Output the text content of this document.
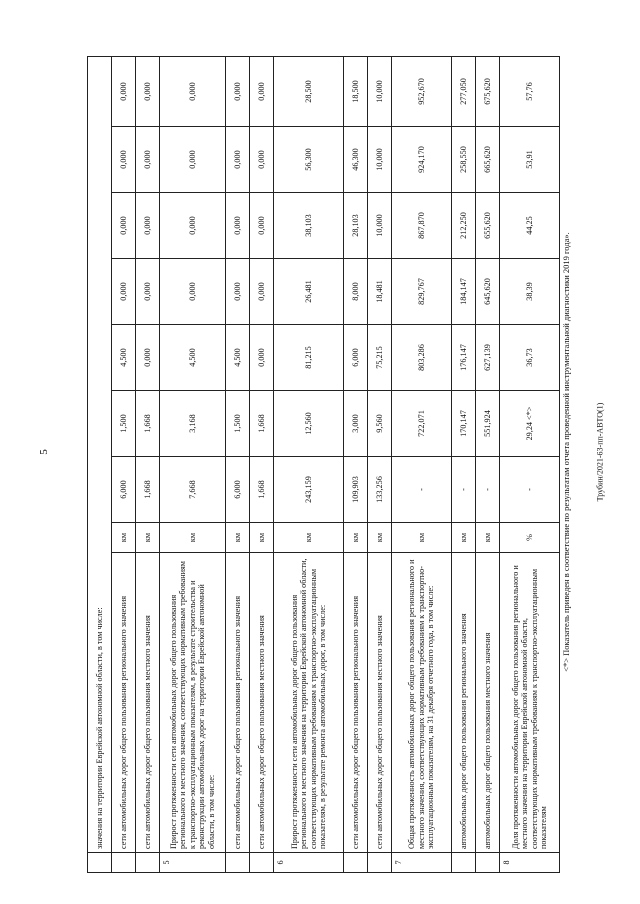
5
	значения на территории Еврейской автономной области, в том числе:								
	сети автомобильных дорог общего пользования регионального значения	км	6,000	1,500	4,500	0,000	0,000	0,000	0,000
	сети автомобильных дорог общего пользования местного значения	км	1,668	1,668	0,000	0,000	0,000	0,000	0,000
5	Прирост протяженности сети автомобильных дорог общего пользования регионального и местного значения, соответствующих нормативным требованиям к транспортно-эксплуатационным показателям, в результате строительства и реконструкции автомобильных дорог на территории Еврейской автономной области, в том числе:	км	7,668	3,168	4,500	0,000	0,000	0,000	0,000
	сети автомобильных дорог общего пользования регионального значения	км	6,000	1,500	4,500	0,000	0,000	0,000	0,000
	сети автомобильных дорог общего пользования местного значения	км	1,668	1,668	0,000	0,000	0,000	0,000	0,000
6	Прирост протяженности сети автомобильных дорог общего пользования регионального и местного значения на территории Еврейской автономной области, соответствующих нормативным требованиям к транспортно-эксплуатационным показателям, в результате ремонта автомобильных дорог, в том числе:	км	243,159	12,560	81,215	26,481	38,103	56,300	28,500
	сети автомобильных дорог общего пользования регионального значения	км	109,903	3,000	6,000	8,000	28,103	46,300	18,500
	сети автомобильных дорог общего пользования местного значения	км	133,256	9,560	75,215	18,481	10,000	10,000	10,000
7	Общая протяженность автомобильных дорог общего пользования регионального и местного значения, соответствующих нормативным требованиям к транспортно-эксплуатационным показателям, на 31 декабря отчетного года, в том числе:	км	-	722,071	803,286	829,767	867,870	924,170	952,670
	автомобильных дорог общего пользования регионального значения	км	-	170,147	176,147	184,147	212,250	258,550	277,050
	автомобильных дорог общего пользования местного значения	км	-	551,924	627,139	645,620	655,620	665,620	675,620
8	Доля протяженности автомобильных дорог общего пользования регионального и местного значения на территории Еврейской автономной области, соответствующих нормативным требованиям к транспортно-эксплуатационным показателям	%	-	29,24 <*>	36,73	38,39	44,25	53,91	57,76
<*> Показатель приведен в соответствие по результатам отчета проведенной инструментальной диагностики 2019 года».	Трубин/2021-63-пп-АВТО(1)
